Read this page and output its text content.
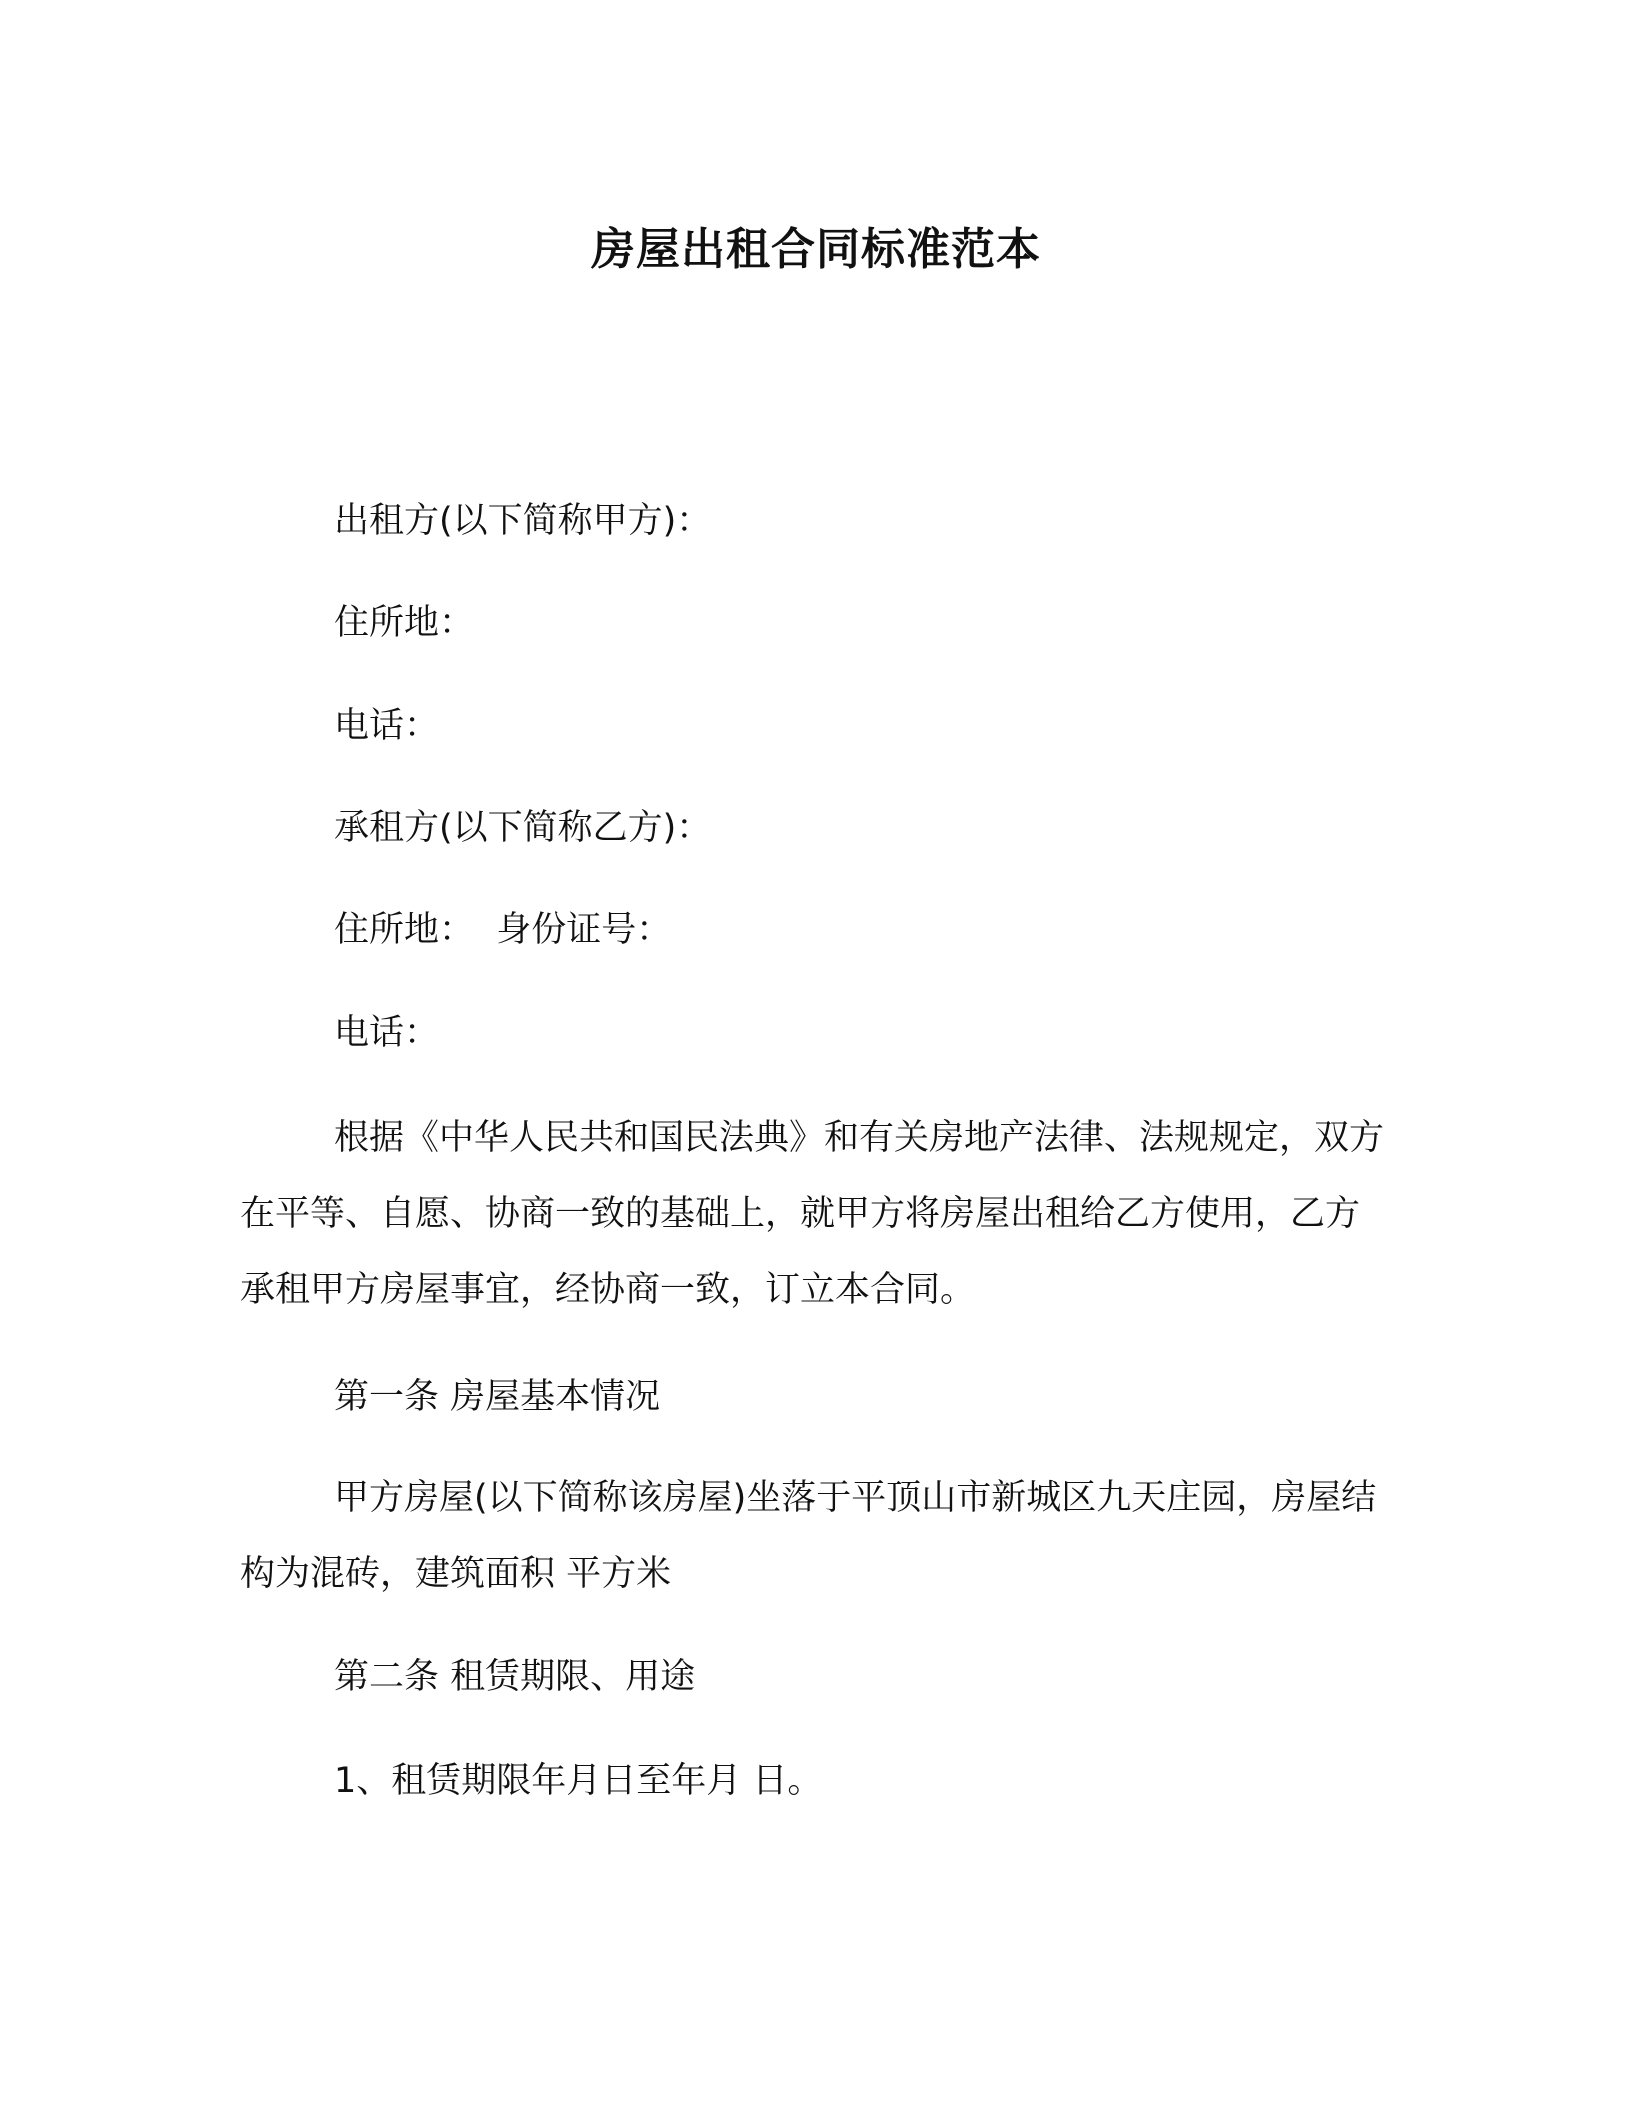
房屋出租合同标准范本
出租方(以下简称甲方)：
住所地：
电话：
承租方(以下简称乙方)：
住所地：  身份证号：
电话：
根据《中华人民共和国民法典》和有关房地产法律、法规规定，双方在平等、自愿、协商一致的基础上，就甲方将房屋出租给乙方使用，乙方承租甲方房屋事宜，经协商一致，订立本合同。
第一条 房屋基本情况
甲方房屋(以下简称该房屋)坐落于平顶山市新城区九天庄园，房屋结构为混砖，建筑面积 平方米
第二条 租赁期限、用途
1、租赁期限年月日至年月 日。
